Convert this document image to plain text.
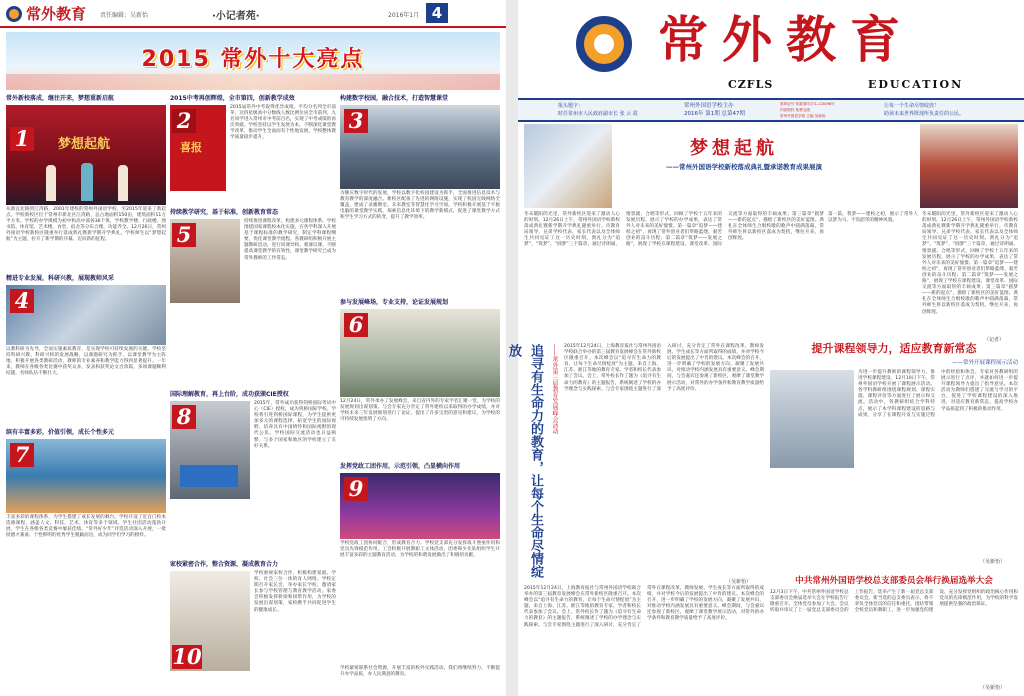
常外教育 责任编辑：吴新怡	·小记者苑·	2016年1月 4
2015 常外十大亮点
常外新校落成，继往开来，梦想重新启航
1	梦想起航
从新宜北路到江湾路，2001年建校的常州外国语学校，至2015年迎来了新起点。学校新校区位于常州市新北区江湾路，总占地面积150亩，建筑面积11万平方米。学校的办学规模为初中和高中部各36个班，学校教学楼、行政楼、图书馆、体育馆、艺术楼、食堂、宿舍等分布合理，功能齐全。12月26日，常州外国语学校新校区隆重举行落成典礼暨新学期开学典礼，学校师生以“梦想起航”为主题，拉开了新学期的序幕，迈向新的征程。
精进专业发展，科研兴教，展现教师风采
4
以教科研为先导，全面实施素质教育，是实现学校可持续发展的关键。学校坚持科研兴教、科研兴校的发展战略，以课题研究为抓手，以课堂教学为主阵地，积极开展各类教研活动，教师的专业素养和教学能力得到显著提升。一年来，教师在各级各类比赛中获奖众多，发表和获奖论文百余篇，多项课题顺利结题，名师队伍不断壮大。
缤有丰富多彩，价值引领，成长个性多元
7
丰富多彩的课程体系，为学生搭建了成长发展的舞台。学校开设了近百门校本选修课程，涵盖人文、科技、艺术、体育等多个领域。学生社团活动蓬勃开展，学生在各级各类竞赛中屡获佳绩。“常外好少年”评选活动深入开展，一批批德才兼备、个性鲜明的优秀学生脱颖而出，成为同学们学习的榜样。
2015中考再创辉煌，全市第四，创新教学成效
2
喜报
2015届常外中考取得优异成绩，平均分名列全市前茅，达四星级高中分数线人数比例位居全市前列。九名同学进入常州市中考前百名，实现了中考成绩的再次突破。学校坚持以学生发展为本，不断深化课堂教学改革，推动学生全面而有个性地发展，学校整体教学质量稳步提升。
持续教学研究，基于标准，创新教育常态
5
持续推进课程改革，构建多元课程体系。学校围绕国家课程校本化实施，在各学科深入开展基于课程标准的教学研究，制定学科课程纲要，优化课堂教学流程。各教研组积极开展主题教研活动，进行同课异构、观课议课，不断提高课堂教学的有效性，课堂教学研究已成为常外教师的工作常态。
国际理解教育，再上台阶，成功获颁CIE授权
8
2015年，常外成功获得剑桥国际考试中心（CIE）授权，成为剑桥国际学校。学校将引进剑桥国际课程，为学生提供更加多元的课程选择，拓宽学生的国际视野，培养具有中国情怀和国际视野的现代公民。学校国际交流活动也日益频繁，与多个国家和地区的学校建立了友好关系。
家校紧密合作，整合资源，凝成教育合力
10
学校重视家校合作，积极构建家庭、学校、社会三位一体的育人网络。学校定期召开家长会，举办家长学校，邀请家长参与学校管理与教育教学活动。家委会积极发挥桥梁和纽带作用，为学校的发展出谋划策，家校携手共同促进学生的健康成长。
构建数字校园，融合技术，打造智慧课堂
3
为顺应数字时代的发展，学校以数字化校园建设为抓手，全面推进信息技术与教育教学的深度融合。新校区配备了先进的网络设施，实现了校园无线网络全覆盖，建成了录播教室、未来教室等智慧化学习空间。学校积极开展基于平板电脑的课堂教学实践，探索信息化环境下的教学新模式，促进了课堂教学方式和学生学习方式的转变，提升了教学效率。
参与发展峰场，专业支持，论证发展规划
6
12月24日，常外承办了发展峰会，来自省内外的专家学者汇聚一堂，为学校的发展规划出谋划策。与会专家充分肯定了常外建校以来取得的办学成绩，并对学校未来三年发展规划进行了论证，提出了许多宝贵的意见和建议，为学校的可持续发展指明了方向。
发挥党政工团作用，示范引领，凸显横向作用
9
学校党政工团协同配合，形成教育合力。学校党支部充分发挥战斗堡垒作用和党员先锋模范作用，工会积极开展教职工文体活动，团委和少先队组织学生开展丰富多彩的主题教育活动，为学校的和谐发展做出了积极的贡献。
学校紧密联系社会资源，开展丰富的校外实践活动。我们将继续努力，不断提升办学品质，办人民满意的教育。
常外教育
CZFLS	EDUCATION
报头题字：
时任常州市人民政府副市长 张 云 霞
常州外国语学校主办
2016年 第1期 总第47期
准印证号 常新准印字3—C0098号
内部资料 免费交流
常州外国语学校 主编 吴新怡
让每一个生命尽情绽放！
助孩未来世界既现所负责任的公民。
梦想起航
——常州外国语学校新校落成典礼暨承诺教育成果展演
冬末暖阳的光里，常外新校区迎来了激动人心的时刻。12月26日上午，常州外国语学校新校落成典礼暨新学期开学典礼隆重举行。市教育局领导、兄弟学校代表、家长代表以及全体师生共同见证了这一历史时刻。典礼分为“追梦”、“筑梦”、“圆梦”三个篇章，通过诗朗诵、情景剧、合唱等形式，回顾了学校十五年来的发展历程，展示了学校的办学成果，表达了常外人对未来的美好憧憬。第一篇章“追梦——建校之初”，再现了常外创业者们筚路蓝缕、艰苦创业的奋斗历程；第二篇章“筑梦——发展之路”，展现了学校在课程建设、课堂改革、国际交流等方面取得的丰硕成果；第三篇章“圆梦——新的起点”，描绘了新校区的美好蓝图。典礼在全体师生合唱校歌的歌声中圆满落幕，常外师生将以新校区落成为契机，继往开来，再创辉煌。
第一篇，我梦——建校之初，展示了常外人以梦为马、不负韶华的精神风貌。
冬末暖阳的光里，常外新校区迎来了激动人心的时刻。12月26日上午，常州外国语学校新校落成典礼暨新学期开学典礼隆重举行。市教育局领导、兄弟学校代表、家长代表以及全体师生共同见证了这一历史时刻。典礼分为“追梦”、“筑梦”、“圆梦”三个篇章，通过诗朗诵、情景剧、合唱等形式，回顾了学校十五年来的发展历程，展示了学校的办学成果，表达了常外人对未来的美好憧憬。第一篇章“追梦——建校之初”，再现了常外创业者们筚路蓝缕、艰苦创业的奋斗历程；第二篇章“筑梦——发展之路”，展现了学校在课程建设、课堂改革、国际交流等方面取得的丰硕成果；第三篇章“圆梦——新的起点”，描绘了新校区的美好蓝图。典礼在全体师生合唱校歌的歌声中圆满落幕，常外师生将以新校区落成为契机，继往开来，再创辉煌。
（记者）
追寻有生命力的教育，让每个生命尽情绽放	——常外第三届教育发展峰会活动	2015年12月24日，上海教育报社与常州外国语学校联合举办的第三届教育发展峰会在常外新校区隆重召开。本次峰会以“追寻有生命力的教育，让每个生命尽情绽放”为主题，来自上海、江苏、浙江等地的教育专家、学者和校长代表参加了会议。会上，常外校长作了题为《追寻有生命力的教育》的主题报告，系统阐述了学校的办学理念与实践探索。与会专家围绕主题进行了深入研讨，充分肯定了常外在课程改革、教师发展、学生成长等方面所取得的成绩，并对学校今后的发展提出了中肯的建议。本次峰会的召开，进一步明确了学校的发展方向，凝聚了发展共识，对推动学校内涵发展具有重要意义。峰会期间，与会嘉宾还参观了新校区，观摩了课堂教学展示活动，对常外的办学条件和教育教学质量给予了高度评价。
（吴新怡）
提升课程领导力，适应教育新常态
——常外开展课程展示活动
为进一步提升教师的课程领导力，推进学校课程建设，12月10日下午，常州外国语学校开展了课程展示活动。各学科教研组围绕课程规划、课程实施、课程评价等方面进行了展示和交流。活动中，各教研组结合学科特点，展示了本学科课程建设的思路与成果，分享了在课程开发与实施过程中的经验和体会。专家对各教研组的展示进行了点评，并就如何进一步提升课程领导力提出了指导意见。本次活动为教师们搭建了交流与学习的平台，促进了学校课程建设的深入推进，对适应教育新常态、提高学校办学品质起到了积极的推动作用。
（吴新怡）
2015年12月24日，上海教育报社与常州外国语学校联合举办的第三届教育发展峰会在常外新校区隆重召开。本次峰会以“追寻有生命力的教育，让每个生命尽情绽放”为主题，来自上海、江苏、浙江等地的教育专家、学者和校长代表参加了会议。会上，常外校长作了题为《追寻有生命力的教育》的主题报告，系统阐述了学校的办学理念与实践探索。与会专家围绕主题进行了深入研讨，充分肯定了常外在课程改革、教师发展、学生成长等方面所取得的成绩，并对学校今后的发展提出了中肯的建议。本次峰会的召开，进一步明确了学校的发展方向，凝聚了发展共识，对推动学校内涵发展具有重要意义。峰会期间，与会嘉宾还参观了新校区，观摩了课堂教学展示活动，对常外的办学条件和教育教学质量给予了高度评价。
中共常州外国语学校总支部委员会举行换届选举大会
12月3日下午，中共常州外国语学校总支部委员会换届选举大会在学校报告厅隆重召开。全体党员参加了大会。会议听取并审议了上一届党总支部委员会的工作报告，选举产生了新一届党总支部委员会。新当选的总支委员表示，将不辜负全体党员的信任和重托，团结带领全校党员和教职工，进一步加强党的建设，充分发挥党组织的政治核心作用和党员的先锋模范作用，为学校的科学发展提供坚强的政治保证。
（吴新怡）
